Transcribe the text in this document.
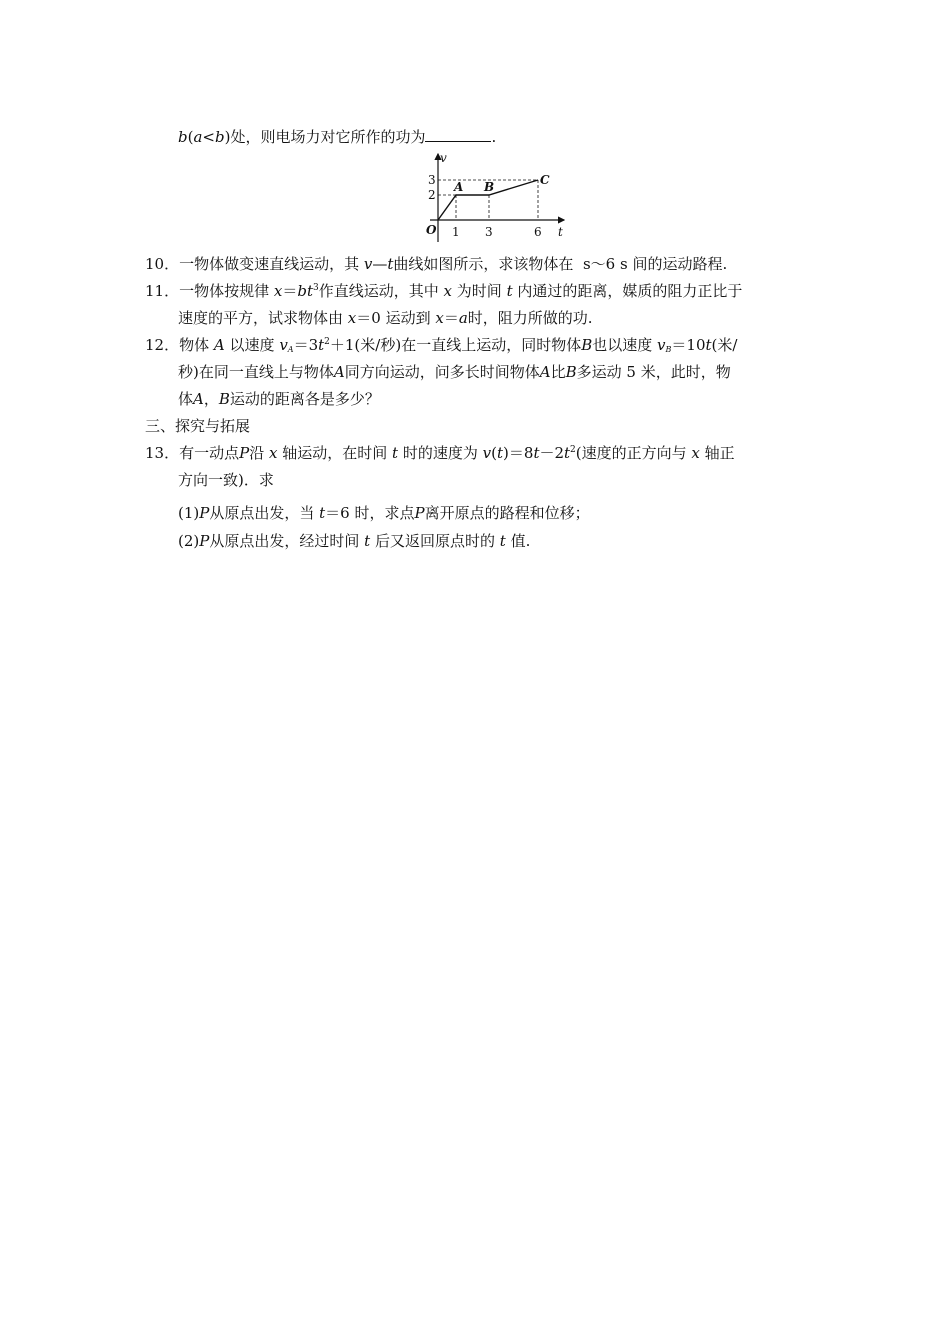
b(a<b)处，则电场力对它所作的功为	.
v
t
O
3
2
1 3	6
A B	C
10．一物体做变速直线运动，其 v—t曲线如图所示，求该物体在 s～6 s 间的运动路程.
11．一物体按规律 $x=bt^3$作直线运动，其中 x 为时间 t 内通过的距离，媒质的阻力正比于
速度的平方，试求物体由 x＝0 运动到 x＝a时，阻力所做的功.
12．物体 A 以速度 $v_A=3t^2+1$(米/秒)在一直线上运动，同时物体B也以速度 $v_B=10t$(米/
秒)在同一直线上与物体A同方向运动，问多长时间物体A比B多运动 5 米，此时，物
体A，B运动的距离各是多少？
三、探究与拓展
13．有一动点P沿 x 轴运动，在时间 t 时的速度为 $v(t)=8t-2t^2$(速度的正方向与 x 轴正
方向一致)．求
(1)P从原点出发，当 t＝6 时，求点P离开原点的路程和位移；
(2)P从原点出发，经过时间 t 后又返回原点时的 t 值.
